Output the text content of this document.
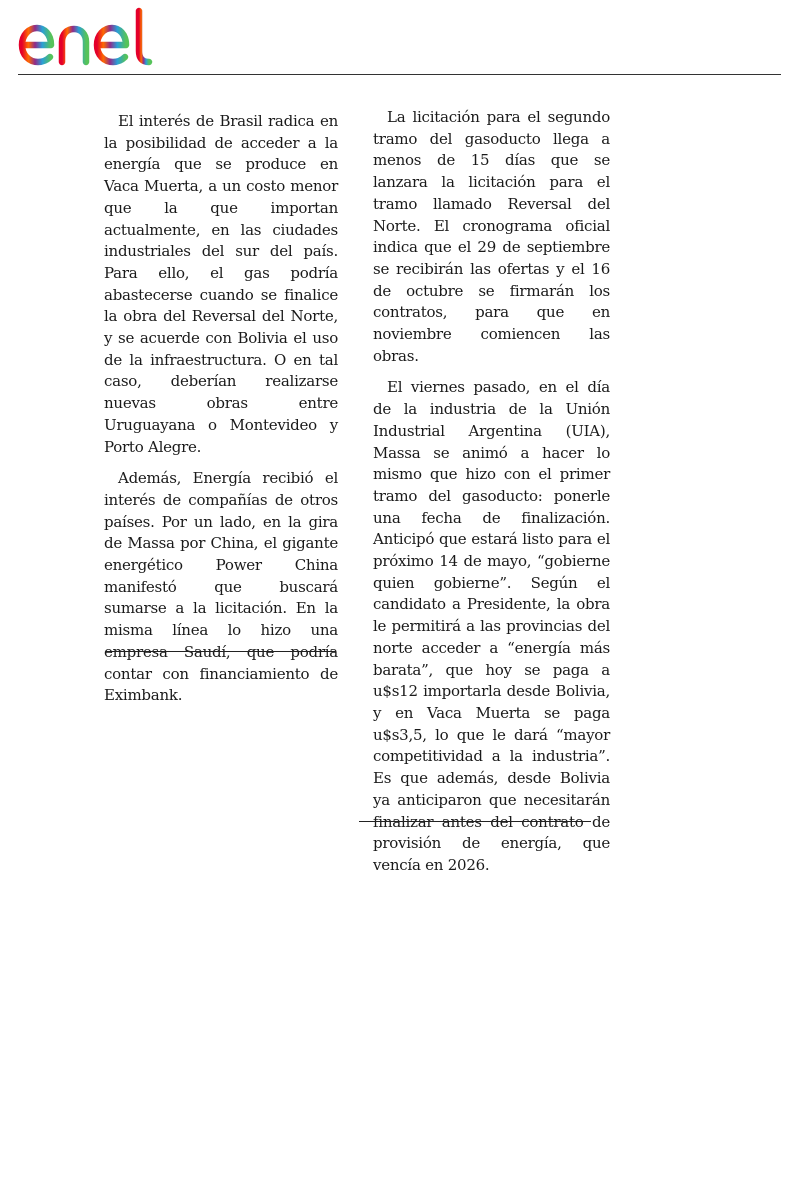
El interés de Brasil radica en la posibilidad de acceder a la energía que se produce en Vaca Muerta, a un costo menor que la que importan actualmente, en las ciudades industriales del sur del país. Para ello, el gas podría abastecerse cuando se finalice la obra del Reversal del Norte, y se acuerde con Bolivia el uso de la infraestructura. O en tal caso, deberían realizarse nuevas obras entre Uruguayana o Montevideo y Porto Alegre.

Además, Energía recibió el interés de compañías de otros países. Por un lado, en la gira de Massa por China, el gigante energético Power China manifestó que buscará sumarse a la licitación. En la misma línea lo hizo una empresa Saudí, que podría contar con financiamiento de Eximbank.

La licitación para el segundo tramo del gasoducto llega a menos de 15 días que se lanzara la licitación para el tramo llamado Reversal del Norte. El cronograma oficial indica que el 29 de septiembre se recibirán las ofertas y el 16 de octubre se firmarán los contratos, para que en noviembre comiencen las obras.

El viernes pasado, en el día de la industria de la Unión Industrial Argentina (UIA), Massa se animó a hacer lo mismo que hizo con el primer tramo del gasoducto: ponerle una fecha de finalización. Anticipó que estará listo para el próximo 14 de mayo, “gobierne quien gobierne”. Según el candidato a Presidente, la obra le permitirá a las provincias del norte acceder a “energía más barata”, que hoy se paga a u$s12 importarla desde Bolivia, y en Vaca Muerta se paga u$s3,5, lo que le dará “mayor competitividad a la industria”. Es que además, desde Bolivia ya anticiparon que necesitarán finalizar antes del contrato de provisión de energía, que vencía en 2026.
